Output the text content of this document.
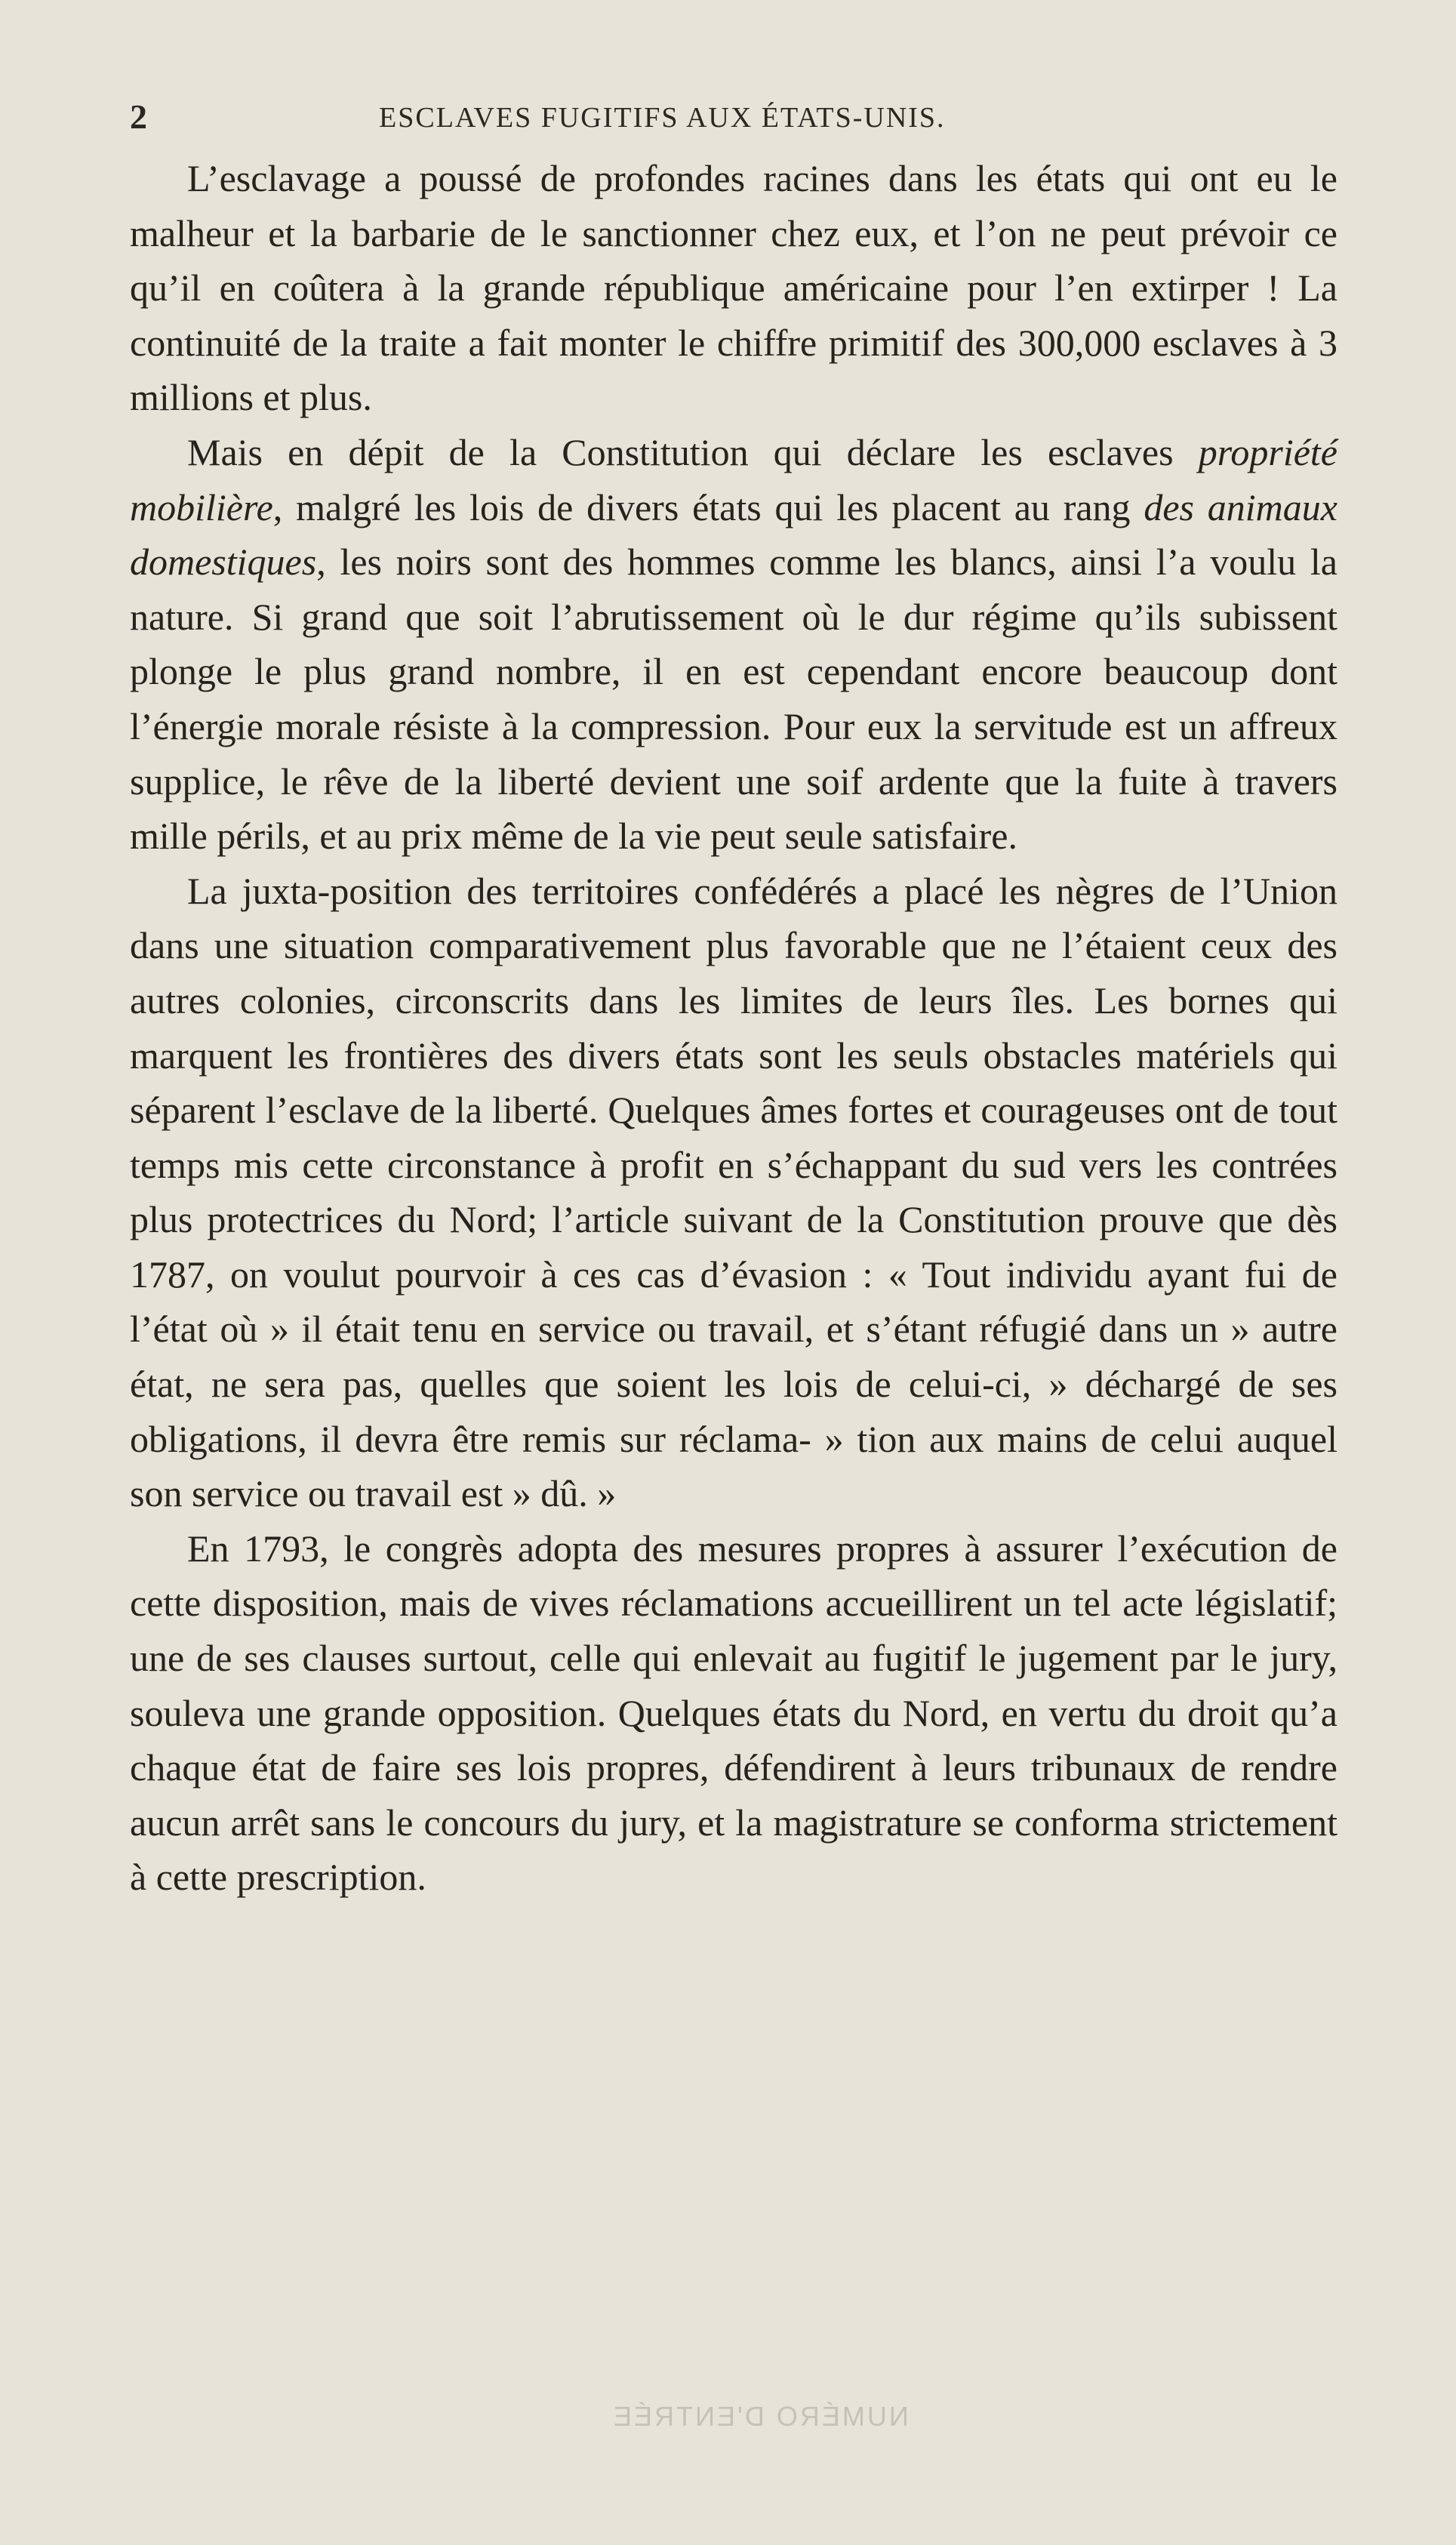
2	ESCLAVES FUGITIFS AUX ÉTATS-UNIS.

L’esclavage a poussé de profondes racines dans les états qui ont eu le malheur et la barbarie de le sanctionner chez eux, et l’on ne peut prévoir ce qu’il en coûtera à la grande république américaine pour l’en extirper ! La continuité de la traite a fait monter le chiffre primitif des 300,000 esclaves à 3 millions et plus.

Mais en dépit de la Constitution qui déclare les esclaves propriété mobilière, malgré les lois de divers états qui les placent au rang des animaux domestiques, les noirs sont des hommes comme les blancs, ainsi l’a voulu la nature. Si grand que soit l’abrutissement où le dur régime qu’ils subissent plonge le plus grand nombre, il en est cependant encore beaucoup dont l’énergie morale résiste à la compression. Pour eux la servitude est un affreux supplice, le rêve de la liberté devient une soif ardente que la fuite à travers mille périls, et au prix même de la vie peut seule satisfaire.

La juxta-position des territoires confédérés a placé les nègres de l’Union dans une situation comparativement plus favorable que ne l’étaient ceux des autres colonies, circonscrits dans les limites de leurs îles. Les bornes qui marquent les frontières des divers états sont les seuls obstacles matériels qui séparent l’esclave de la liberté. Quelques âmes fortes et courageuses ont de tout temps mis cette circonstance à profit en s’échappant du sud vers les contrées plus protectrices du Nord; l’article suivant de la Constitution prouve que dès 1787, on voulut pourvoir à ces cas d’évasion : « Tout individu ayant fui de l’état où » il était tenu en service ou travail, et s’étant réfugié dans un » autre état, ne sera pas, quelles que soient les lois de celui-ci, » déchargé de ses obligations, il devra être remis sur réclama- » tion aux mains de celui auquel son service ou travail est » dû. »

En 1793, le congrès adopta des mesures propres à assurer l’exécution de cette disposition, mais de vives réclamations accueillirent un tel acte législatif; une de ses clauses surtout, celle qui enlevait au fugitif le jugement par le jury, souleva une grande opposition. Quelques états du Nord, en vertu du droit qu’a chaque état de faire ses lois propres, défendirent à leurs tribunaux de rendre aucun arrêt sans le concours du jury, et la magistrature se conforma strictement à cette prescription.

NUMÉRO D'ENTRÉE
